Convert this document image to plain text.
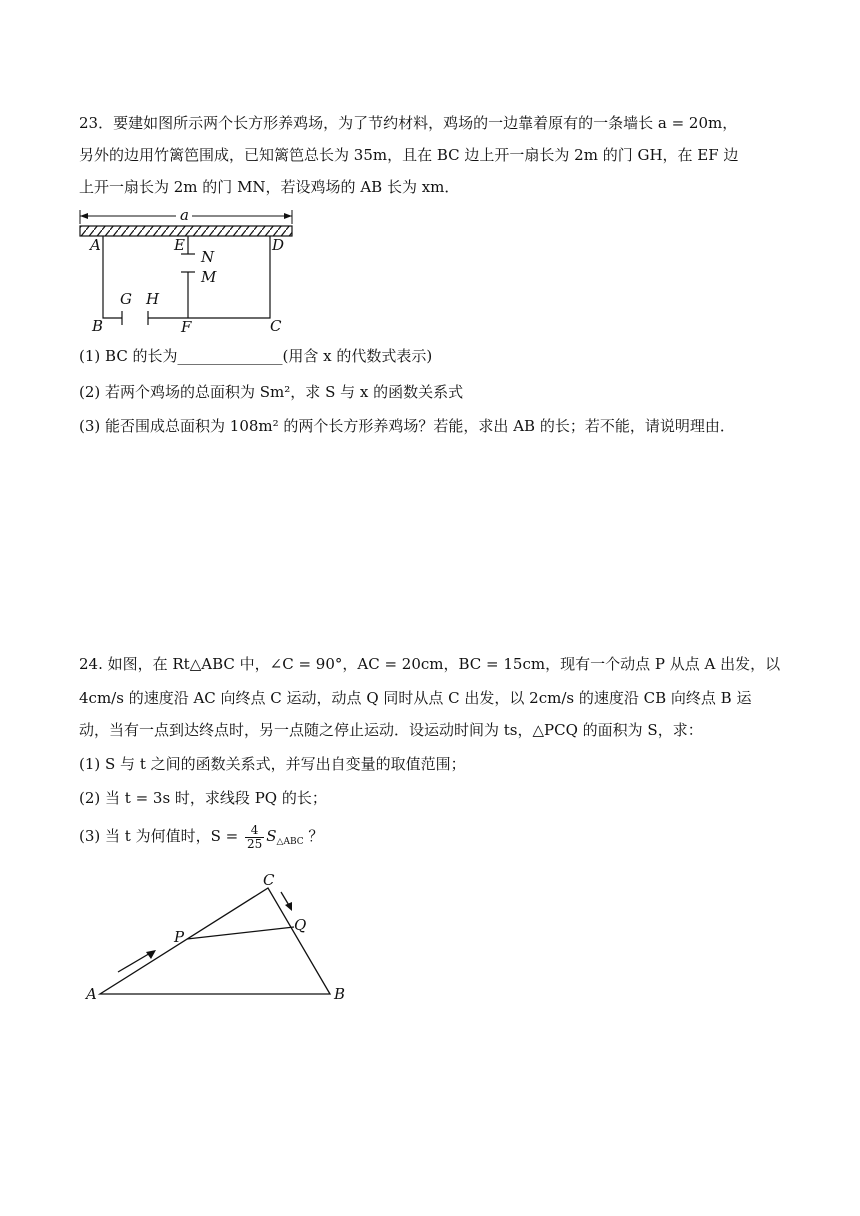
23．要建如图所示两个长方形养鸡场，为了节约材料，鸡场的一边靠着原有的一条墙长 a = 20m，
另外的边用竹篱笆围成，已知篱笆总长为 35m，且在 BC 边上开一扇长为 2m 的门 GH，在 EF 边
上开一扇长为 2m 的门 MN，若设鸡场的 AB 长为 xm．
a
A	E	D
N
M
G H
B	F	C
(1) BC 的长为______________(用含 x 的代数式表示)
(2) 若两个鸡场的总面积为 Sm²，求 S 与 x 的函数关系式
(3) 能否围成总面积为 108m² 的两个长方形养鸡场？若能，求出 AB 的长；若不能，请说明理由．
24. 如图，在 Rt△ABC 中，∠C = 90°，AC = 20cm，BC = 15cm，现有一个动点 P 从点 A 出发，以
4cm/s 的速度沿 AC 向终点 C 运动，动点 Q 同时从点 C 出发，以 2cm/s 的速度沿 CB 向终点 B 运
动，当有一点到达终点时，另一点随之停止运动．设运动时间为 ts，△PCQ 的面积为 S，求：
(1) S 与 t 之间的函数关系式，并写出自变量的取值范围；
(2) 当 t = 3s 时，求线段 PQ 的长；
(3) 当 t 为何值时，$S = \frac{4}{25} S_{\triangle ABC}$ ？
A	B
C
P
Q
